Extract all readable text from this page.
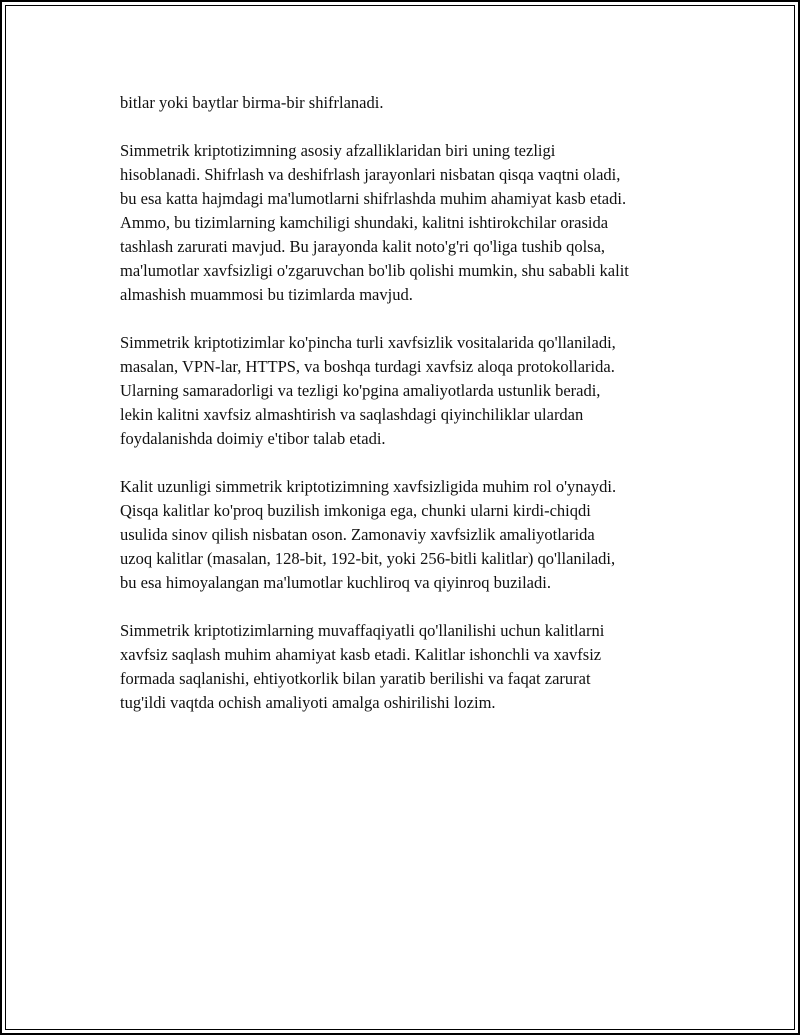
bitlar yoki baytlar birma-bir shifrlanadi.

Simmetrik kriptotizimning asosiy afzalliklaridan biri uning tezligi
hisoblanadi. Shifrlash va deshifrlash jarayonlari nisbatan qisqa vaqtni oladi,
bu esa katta hajmdagi ma'lumotlarni shifrlashda muhim ahamiyat kasb etadi.
Ammo, bu tizimlarning kamchiligi shundaki, kalitni ishtirokchilar orasida
tashlash zarurati mavjud. Bu jarayonda kalit noto'g'ri qo'liga tushib qolsa,
ma'lumotlar xavfsizligi o'zgaruvchan bo'lib qolishi mumkin, shu sababli kalit
almashish muammosi bu tizimlarda mavjud.

Simmetrik kriptotizimlar ko'pincha turli xavfsizlik vositalarida qo'llaniladi,
masalan, VPN-lar, HTTPS, va boshqa turdagi xavfsiz aloqa protokollarida.
Ularning samaradorligi va tezligi ko'pgina amaliyotlarda ustunlik beradi,
lekin kalitni xavfsiz almashtirish va saqlashdagi qiyinchiliklar ulardan
foydalanishda doimiy e'tibor talab etadi.

Kalit uzunligi simmetrik kriptotizimning xavfsizligida muhim rol o'ynaydi.
Qisqa kalitlar ko'proq buzilish imkoniga ega, chunki ularni kirdi-chiqdi
usulida sinov qilish nisbatan oson. Zamonaviy xavfsizlik amaliyotlarida
uzoq kalitlar (masalan, 128-bit, 192-bit, yoki 256-bitli kalitlar) qo'llaniladi,
bu esa himoyalangan ma'lumotlar kuchliroq va qiyinroq buziladi.

Simmetrik kriptotizimlarning muvaffaqiyatli qo'llanilishi uchun kalitlarni
xavfsiz saqlash muhim ahamiyat kasb etadi. Kalitlar ishonchli va xavfsiz
formada saqlanishi, ehtiyotkorlik bilan yaratib berilishi va faqat zarurat
tug'ildi vaqtda ochish amaliyoti amalga oshirilishi lozim.
